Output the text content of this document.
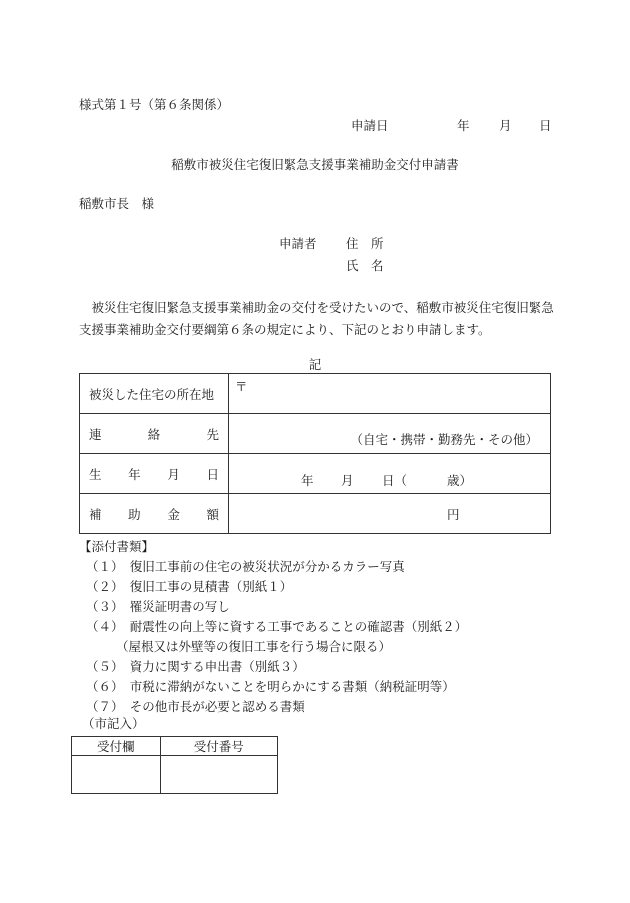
様式第１号（第６条関係）
申請日	年 月 日
稲敷市被災住宅復旧緊急支援事業補助金交付申請書
稲敷市長　様
申請者 住　所
氏　名
被災住宅復旧緊急支援事業補助金の交付を受けたいので、稲敷市被災住宅復旧緊急支援事業補助金交付要綱第６条の規定により、下記のとおり申請します。
記
被災した住宅の所在地	〒

連 絡 先	（自宅・携帯・勤務先・その他）

生 年 月 日	年 月 日（ 歳）

補 助 金 額	円
【添付書類】
（１）　復旧工事前の住宅の被災状況が分かるカラー写真
（２）　復旧工事の見積書（別紙１）
（３）　罹災証明書の写し
（４）　耐震性の向上等に資する工事であることの確認書（別紙２）
（屋根又は外壁等の復旧工事を行う場合に限る）
（５）　資力に関する申出書（別紙３）
（６）　市税に滞納がないことを明らかにする書類（納税証明等）
（７）　その他市長が必要と認める書類
（市記入）
受付欄	受付番号
